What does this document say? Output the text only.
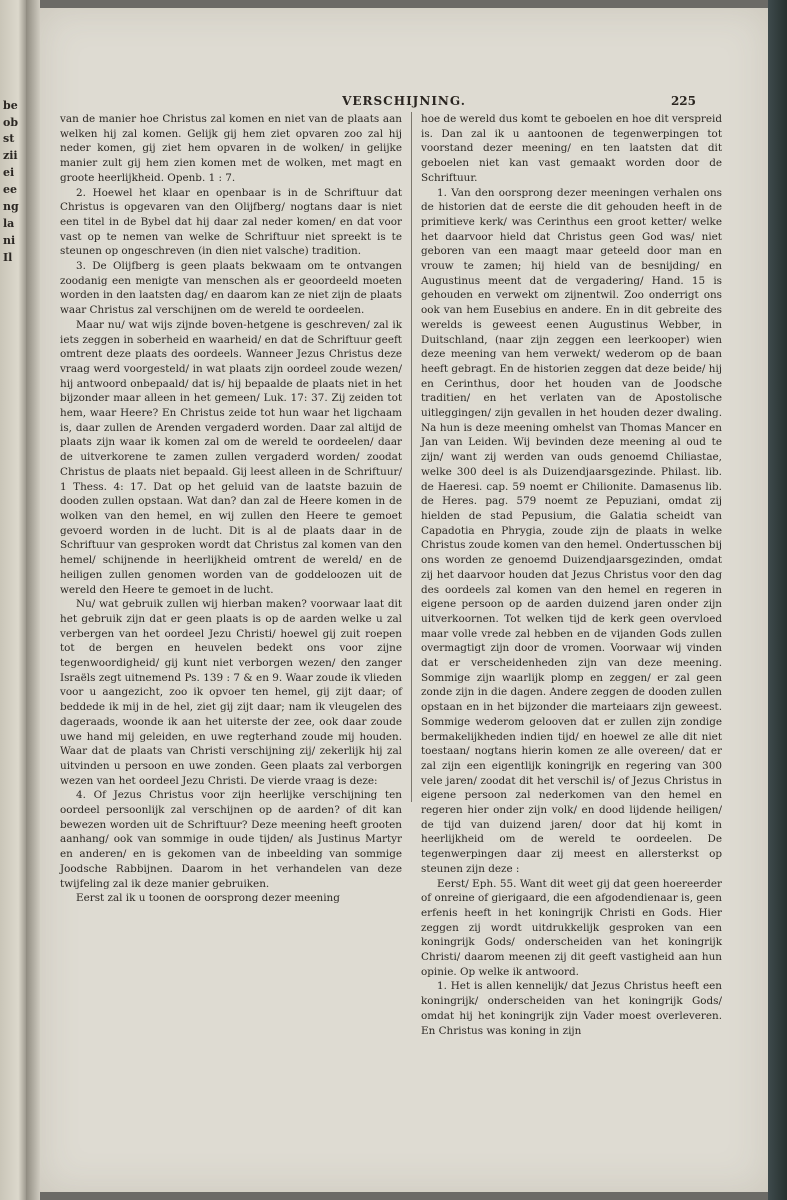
be
ob
st
zii
ei
ee
ng
la
ni
Il
VERSCHIJNING.	225

van de manier hoe Christus zal komen en niet van de plaats aan welken hij zal komen. Gelijk gij hem ziet opvaren zoo zal hij neder komen, gij ziet hem opvaren in de wolken/ in gelijke manier zult gij hem zien komen met de wolken, met magt en groote heerlijkheid. Openb. 1 : 7.

2. Hoewel het klaar en openbaar is in de Schriftuur dat Christus is opgevaren van den Olijfberg/ nogtans daar is niet een titel in de Bybel dat hij daar zal neder komen/ en dat voor vast op te nemen van welke de Schriftuur niet spreekt is te steunen op ongeschreven (in dien niet valsche) tradition.

3. De Olijfberg is geen plaats bekwaam om te ontvangen zoodanig een menigte van menschen als er geoordeeld moeten worden in den laatsten dag/ en daarom kan ze niet zijn de plaats waar Christus zal verschijnen om de wereld te oordeelen.

Maar nu/ wat wijs zijnde boven-hetgene is geschreven/ zal ik iets zeggen in soberheid en waarheid/ en dat de Schriftuur geeft omtrent deze plaats des oordeels. Wanneer Jezus Christus deze vraag werd voorgesteld/ in wat plaats zijn oordeel zoude wezen/ hij antwoord onbepaald/ dat is/ hij bepaalde de plaats niet in het bijzonder maar alleen in het gemeen/ Luk. 17: 37. Zij zeiden tot hem, waar Heere? En Christus zeide tot hun waar het ligchaam is, daar zullen de Arenden vergaderd worden. Daar zal altijd de plaats zijn waar ik komen zal om de wereld te oordeelen/ daar de uitverkorene te zamen zullen vergaderd worden/ zoodat Christus de plaats niet bepaald. Gij leest alleen in de Schriftuur/ 1 Thess. 4: 17. Dat op het geluid van de laatste bazuin de dooden zullen opstaan. Wat dan? dan zal de Heere komen in de wolken van den hemel, en wij zullen den Heere te gemoet gevoerd worden in de lucht. Dit is al de plaats daar in de Schriftuur van gesproken wordt dat Christus zal komen van den hemel/ schijnende in heerlijkheid omtrent de wereld/ en de heiligen zullen genomen worden van de goddeloozen uit de wereld den Heere te gemoet in de lucht.

Nu/ wat gebruik zullen wij hierban maken? voorwaar laat dit het gebruik zijn dat er geen plaats is op de aarden welke u zal verbergen van het oordeel Jezu Christi/ hoewel gij zuit roepen tot de bergen en heuvelen bedekt ons voor zijne tegenwoordigheid/ gij kunt niet verborgen wezen/ den zanger Israëls zegt uitnemend Ps. 139 : 7 & en 9. Waar zoude ik vlieden voor u aangezicht, zoo ik opvoer ten hemel, gij zijt daar; of beddede ik mij in de hel, ziet gij zijt daar; nam ik vleugelen des dageraads, woonde ik aan het uiterste der zee, ook daar zoude uwe hand mij geleiden, en uwe regterhand zoude mij houden. Waar dat de plaats van Christi verschijning zij/ zekerlijk hij zal uitvinden u persoon en uwe zonden. Geen plaats zal verborgen wezen van het oordeel Jezu Christi. De vierde vraag is deze:

4. Of Jezus Christus voor zijn heerlijke verschijning ten oordeel persoonlijk zal verschijnen op de aarden? of dit kan bewezen worden uit de Schriftuur? Deze meening heeft grooten aanhang/ ook van sommige in oude tijden/ als Justinus Martyr en anderen/ en is gekomen van de inbeelding van sommige Joodsche Rabbijnen. Daarom in het verhandelen van deze twijfeling zal ik deze manier gebruiken.

Eerst zal ik u toonen de oorsprong dezer meening

hoe de wereld dus komt te geboelen en hoe dit verspreid is. Dan zal ik u aantoonen de tegenwerpingen tot voorstand dezer meening/ en ten laatsten dat dit geboelen niet kan vast gemaakt worden door de Schriftuur.

1. Van den oorsprong dezer meeningen verhalen ons de historien dat de eerste die dit gehouden heeft in de primitieve kerk/ was Cerinthus een groot ketter/ welke het daarvoor hield dat Christus geen God was/ niet geboren van een maagt maar geteeld door man en vrouw te zamen; hij hield van de besnijding/ en Augustinus meent dat de vergadering/ Hand. 15 is gehouden en verwekt om zijnentwil. Zoo onderrigt ons ook van hem Eusebius en andere. En in dit gebreite des werelds is geweest eenen Augustinus Webber, in Duitschland, (naar zijn zeggen een leerkooper) wien deze meening van hem verwekt/ wederom op de baan heeft gebragt. En de historien zeggen dat deze beide/ hij en Cerinthus, door het houden van de Joodsche traditien/ en het verlaten van de Apostolische uitleggingen/ zijn gevallen in het houden dezer dwaling. Na hun is deze meening omhelst van Thomas Mancer en Jan van Leiden. Wij bevinden deze meening al oud te zijn/ want zij werden van ouds genoemd Chiliastae, welke 300 deel is als Duizendjaarsgezinde. Philast. lib. de Haeresi. cap. 59 noemt er Chilionite. Damasenus lib. de Heres. pag. 579 noemt ze Pepuziani, omdat zij hielden de stad Pepusium, die Galatia scheidt van Capadotia en Phrygia, zoude zijn de plaats in welke Christus zoude komen van den hemel. Ondertusschen bij ons worden ze genoemd Duizendjaarsgezinden, omdat zij het daarvoor houden dat Jezus Christus voor den dag des oordeels zal komen van den hemel en regeren in eigene persoon op de aarden duizend jaren onder zijn uitverkoornen. Tot welken tijd de kerk geen overvloed maar volle vrede zal hebben en de vijanden Gods zullen overmagtigt zijn door de vromen. Voorwaar wij vinden dat er verscheidenheden zijn van deze meening. Sommige zijn waarlijk plomp en zeggen/ er zal geen zonde zijn in die dagen. Andere zeggen de dooden zullen opstaan en in het bijzonder die marteiaars zijn geweest. Sommige wederom gelooven dat er zullen zijn zondige bermakelijkheden indien tijd/ en hoewel ze alle dit niet toestaan/ nogtans hierin komen ze alle overeen/ dat er zal zijn een eigentlijk koningrijk en regering van 300 vele jaren/ zoodat dit het verschil is/ of Jezus Christus in eigene persoon zal nederkomen van den hemel en regeren hier onder zijn volk/ en dood lijdende heiligen/ de tijd van duizend jaren/ door dat hij komt in heerlijkheid om de wereld te oordeelen. De tegenwerpingen daar zij meest en allersterkst op steunen zijn deze :

Eerst/ Eph. 55. Want dit weet gij dat geen hoereerder of onreine of gierigaard, die een afgodendienaar is, geen erfenis heeft in het koningrijk Christi en Gods. Hier zeggen zij wordt uitdrukkelijk gesproken van een koningrijk Gods/ onderscheiden van het koningrijk Christi/ daarom meenen zij dit geeft vastigheid aan hun opinie. Op welke ik antwoord.

1. Het is allen kennelijk/ dat Jezus Christus heeft een koningrijk/ onderscheiden van het koningrijk Gods/ omdat hij het koningrijk zijn Vader moest overleveren. En Christus was koning in zijn
